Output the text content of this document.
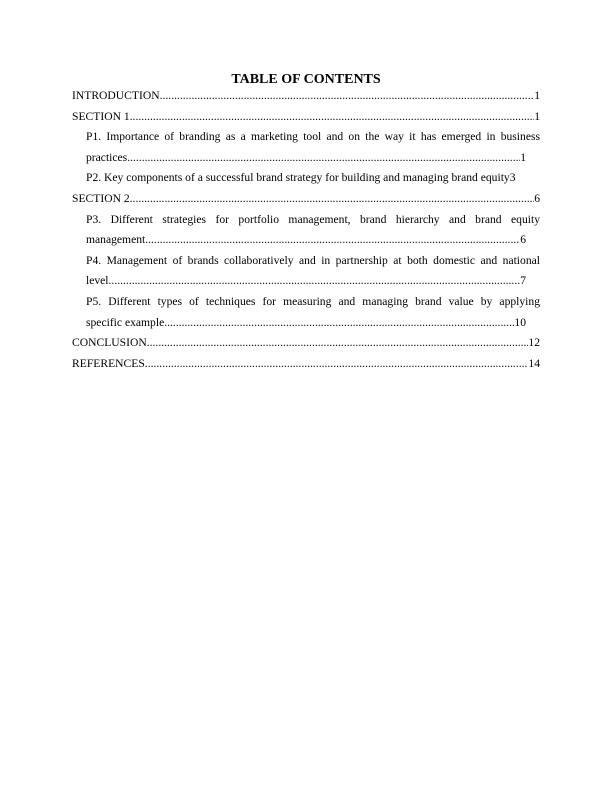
TABLE OF CONTENTS
INTRODUCTION .....	1
SECTION 1 .....	1
P1. Importance of branding as a marketing tool and on the way it has emerged in business
practices .....	1
P2. Key components of a successful brand strategy for building and managing brand equity 3
SECTION 2 .....	6
P3. Different strategies for portfolio management, brand hierarchy and brand equity
management .....	6
P4. Management of brands collaboratively and in partnership at both domestic and national
level .....	7
P5. Different types of techniques for measuring and managing brand value by applying
specific example .....	10
CONCLUSION .....	12
REFERENCES .....	14
